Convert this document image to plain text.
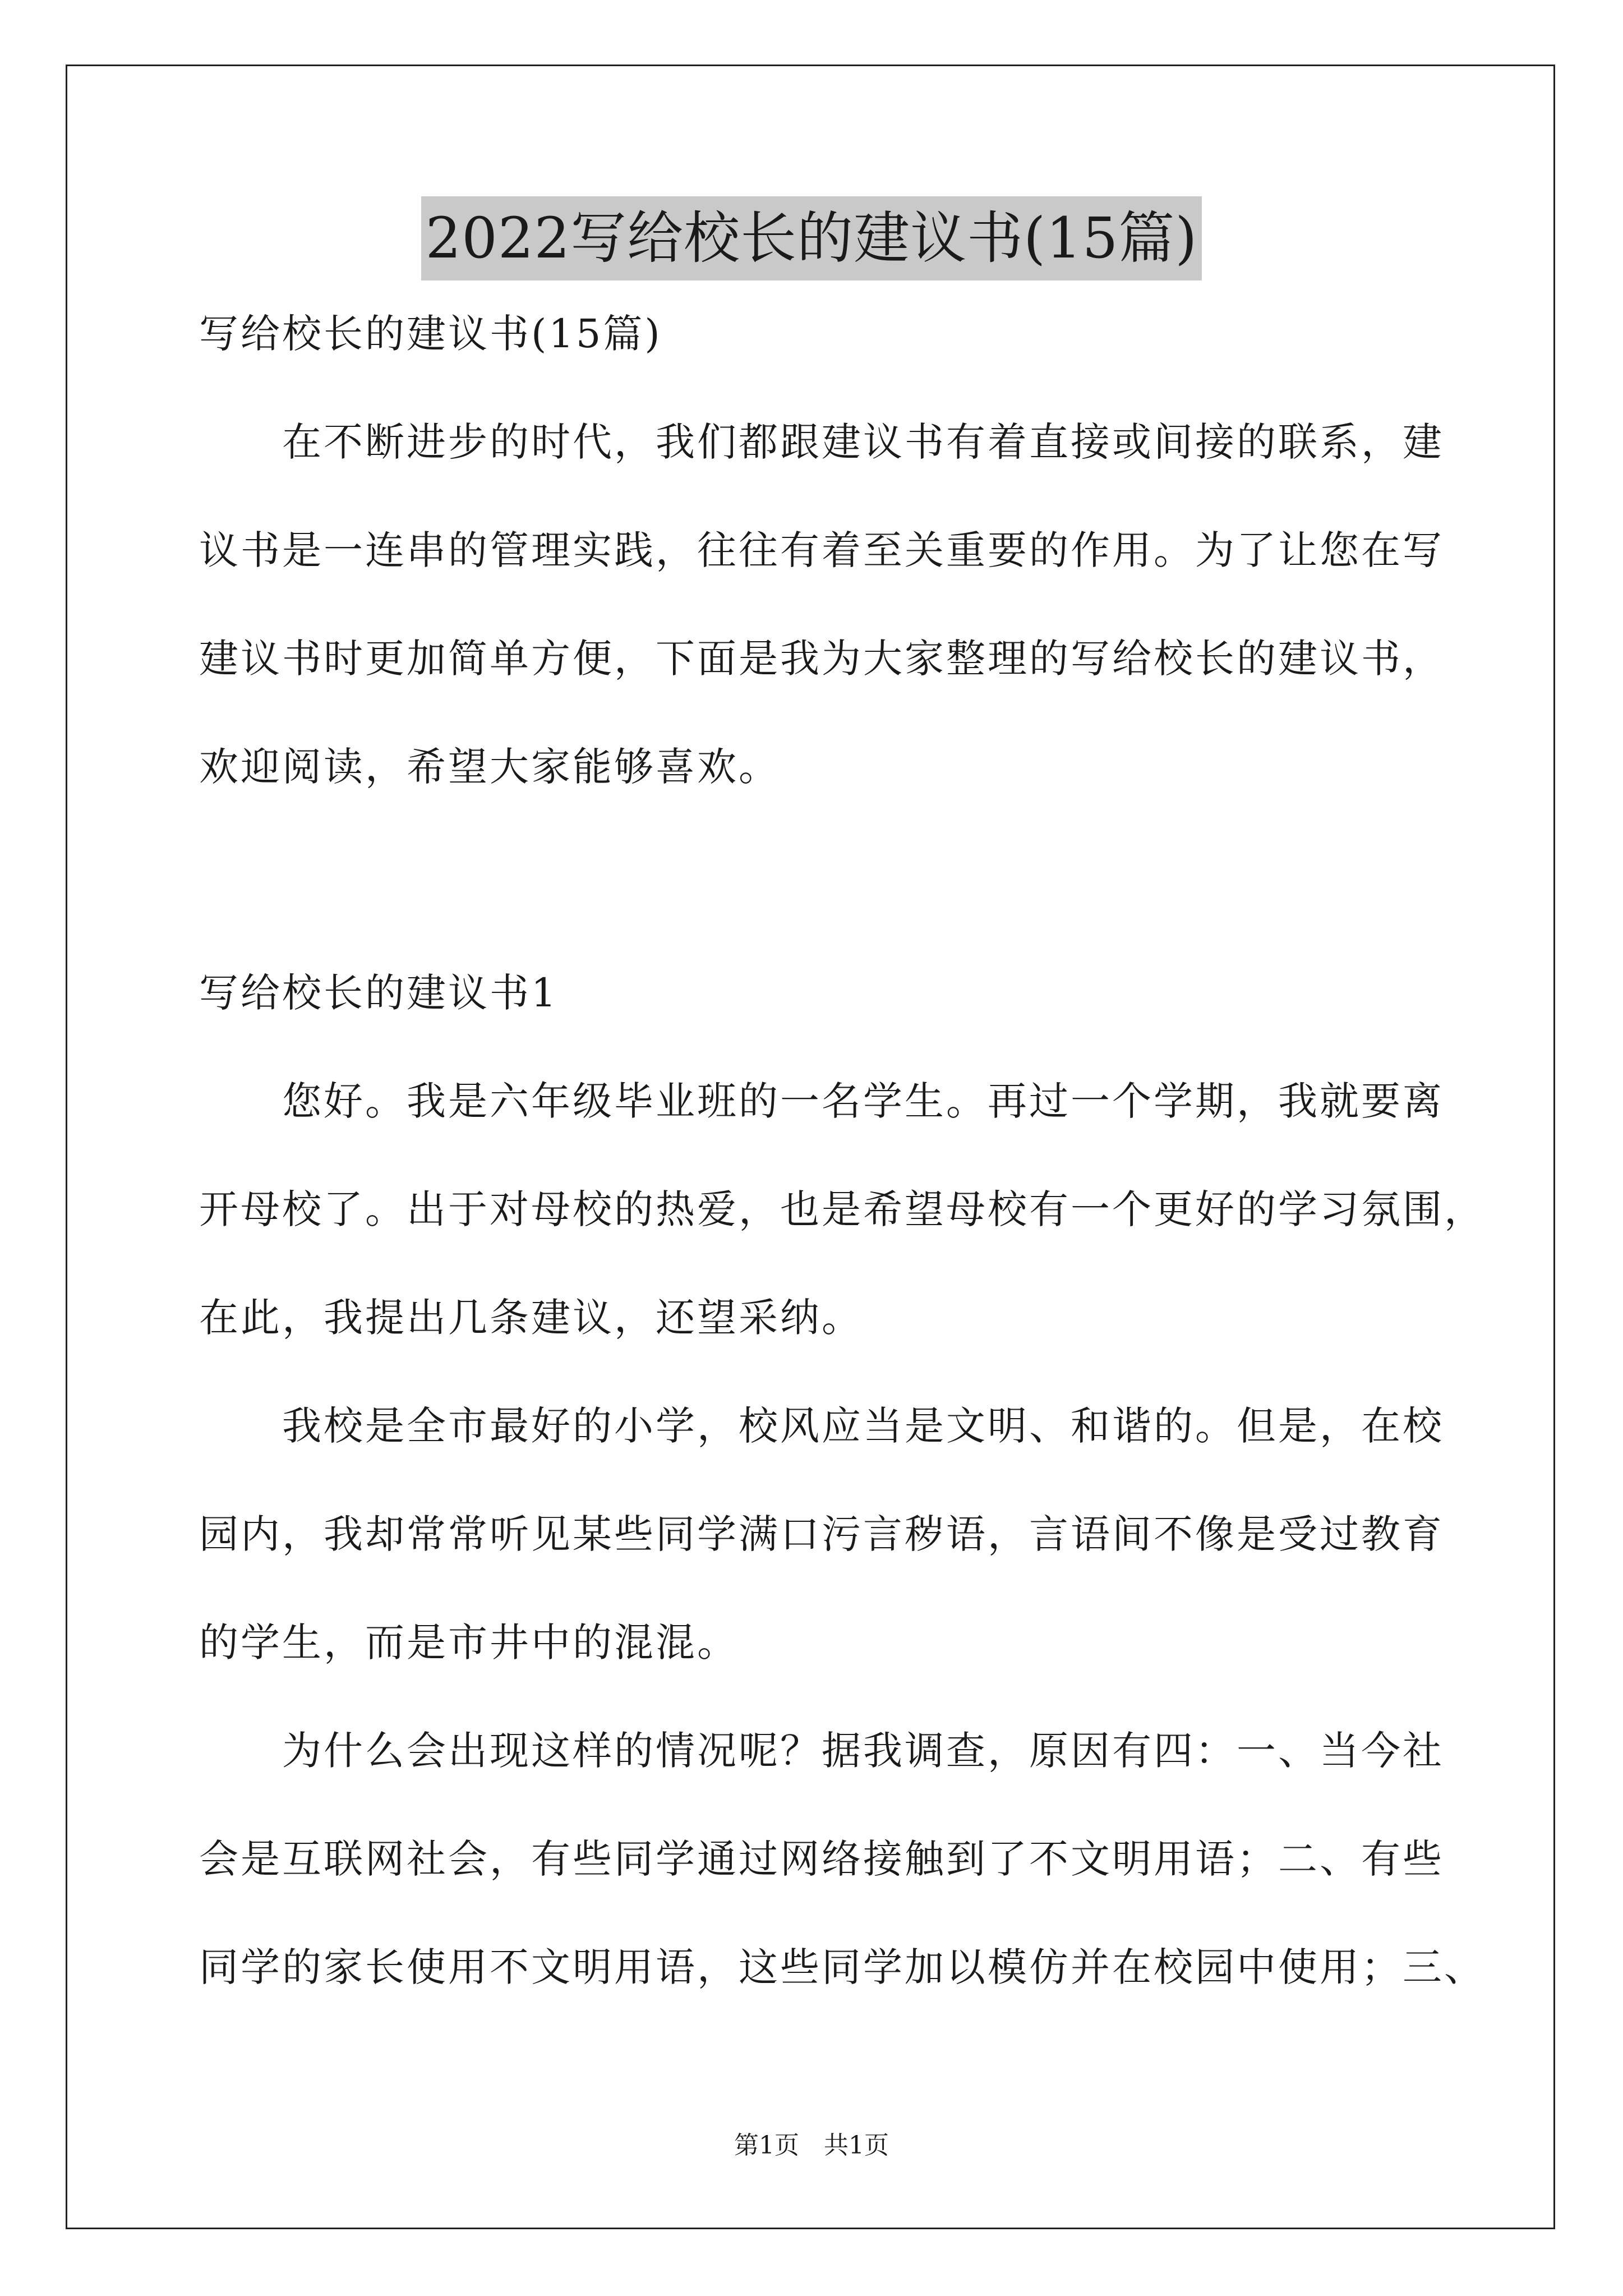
2022写给校长的建议书(15篇)
写给校长的建议书(15篇)
在不断进步的时代，我们都跟建议书有着直接或间接的联系，建
议书是一连串的管理实践，往往有着至关重要的作用。为了让您在写
建议书时更加简单方便，下面是我为大家整理的写给校长的建议书，
欢迎阅读，希望大家能够喜欢。
写给校长的建议书1
您好。我是六年级毕业班的一名学生。再过一个学期，我就要离
开母校了。出于对母校的热爱，也是希望母校有一个更好的学习氛围，
在此，我提出几条建议，还望采纳。
我校是全市最好的小学，校风应当是文明、和谐的。但是，在校
园内，我却常常听见某些同学满口污言秽语，言语间不像是受过教育
的学生，而是市井中的混混。
为什么会出现这样的情况呢？据我调查，原因有四：一、当今社
会是互联网社会，有些同学通过网络接触到了不文明用语；二、有些
同学的家长使用不文明用语，这些同学加以模仿并在校园中使用；三、
第1页　共1页
